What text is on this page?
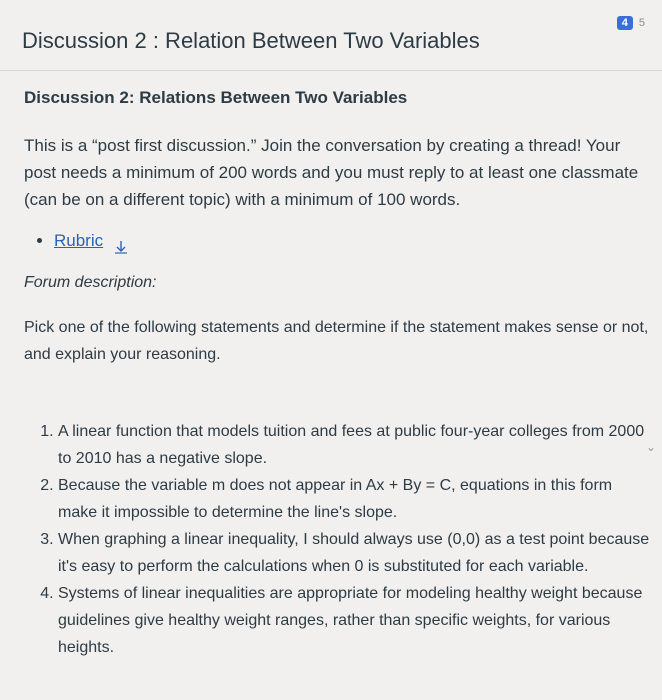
4	5
Discussion 2 : Relation Between Two Variables
Discussion 2: Relations Between Two Variables

This is a “post first discussion.” Join the conversation by creating a thread! Your post needs a minimum of 200 words and you must reply to at least one classmate (can be on a different topic) with a minimum of 100 words.

• Rubric

Forum description:

Pick one of the following statements and determine if the statement makes sense or not, and explain your reasoning.

1. A linear function that models tuition and fees at public four-year colleges from 2000 to 2010 has a negative slope.
2. Because the variable m does not appear in Ax + By = C, equations in this form make it impossible to determine the line's slope.
3. When graphing a linear inequality, I should always use (0,0) as a test point because it's easy to perform the calculations when 0 is substituted for each variable.
4. Systems of linear inequalities are appropriate for modeling healthy weight because guidelines give healthy weight ranges, rather than specific weights, for various heights.
⌄
